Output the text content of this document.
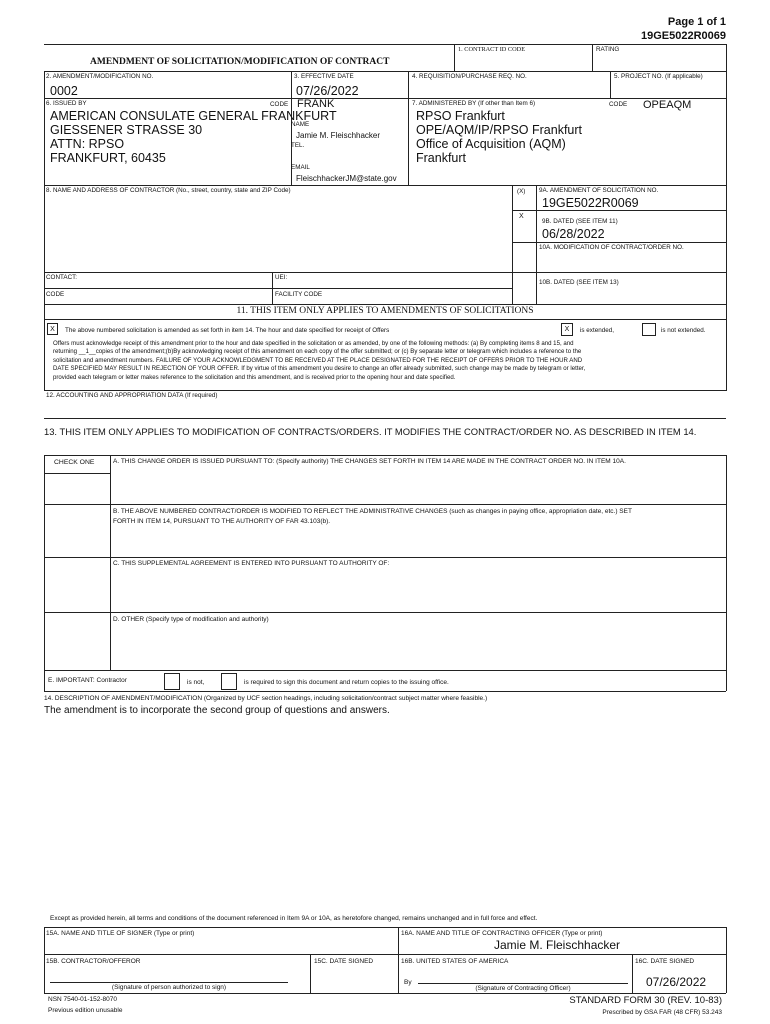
Page 1 of 1
19GE5022R0069
1. CONTRACT ID CODE	RATING
AMENDMENT OF SOLICITATION/MODIFICATION OF CONTRACT
2. AMENDMENT/MODIFICATION NO.
0002
3. EFFECTIVE DATE
07/26/2022
4. REQUISITION/PURCHASE REQ. NO.	5. PROJECT NO. (If applicable)
6. ISSUED BY	CODE FRANK
AMERICAN CONSULATE GENERAL FRANKFURT
GIESSENER STRASSE 30
ATTN: RPSO
FRANKFURT, 60435
NAME
Jamie M. Fleischhacker
TEL.
EMAIL
FleischhackerJM@state.gov
7. ADMINISTERED BY (If other than Item 6)	CODE OPEAQM
RPSO Frankfurt
OPE/AQM/IP/RPSO Frankfurt
Office of Acquisition (AQM)
Frankfurt
8. NAME AND ADDRESS OF CONTRACTOR (No., street, country, state and ZIP Code)	(X) 9A. AMENDMENT OF SOLICITATION NO.
19GE5022R0069
X
9B. DATED (SEE ITEM 11)
06/28/2022
10A. MODIFICATION OF CONTRACT/ORDER NO.
CONTACT:	UEI:
10B. DATED (SEE ITEM 13)
CODE	FACILITY CODE
11. THIS ITEM ONLY APPLIES TO AMENDMENTS OF SOLICITATIONS
X	The above numbered solicitation is amended as set forth in item 14. The hour and date specified for receipt of Offers	X	is extended,	is not extended.
Offers must acknowledge receipt of this amendment prior to the hour and date specified in the solicitation or as amended, by one of the following methods: (a) By completing items 8 and 15, and
returning __1__copies of the amendment;(b)By acknowledging receipt of this amendment on each copy of the offer submitted; or (c) By separate letter or telegram which includes a reference to the
solicitation and amendment numbers. FAILURE OF YOUR ACKNOWLEDGMENT TO BE RECEIVED AT THE PLACE DESIGNATED FOR THE RECEIPT OF OFFERS PRIOR TO THE HOUR AND
DATE SPECIFIED MAY RESULT IN REJECTION OF YOUR OFFER. If by virtue of this amendment you desire to change an offer already submitted, such change may be made by telegram or letter,
provided each telegram or letter makes reference to the solicitation and this amendment, and is received prior to the opening hour and date specified.
12. ACCOUNTING AND APPROPRIATION DATA (If required)
13. THIS ITEM ONLY APPLIES TO MODIFICATION OF CONTRACTS/ORDERS. IT MODIFIES THE CONTRACT/ORDER NO. AS DESCRIBED IN ITEM 14.
CHECK ONE	A. THIS CHANGE ORDER IS ISSUED PURSUANT TO: (Specify authority) THE CHANGES SET FORTH IN ITEM 14 ARE MADE IN THE CONTRACT ORDER NO. IN ITEM 10A.
B. THE ABOVE NUMBERED CONTRACT/ORDER IS MODIFIED TO REFLECT THE ADMINISTRATIVE CHANGES (such as changes in paying office, appropriation date, etc.) SET
FORTH IN ITEM 14, PURSUANT TO THE AUTHORITY OF FAR 43.103(b).
C. THIS SUPPLEMENTAL AGREEMENT IS ENTERED INTO PURSUANT TO AUTHORITY OF:
D. OTHER (Specify type of modification and authority)
E. IMPORTANT: Contractor	is not,	is required to sign this document and return copies to the issuing office.
14. DESCRIPTION OF AMENDMENT/MODIFICATION (Organized by UCF section headings, including solicitation/contract subject matter where feasible.)
The amendment is to incorporate the second group of questions and answers.
Except as provided herein, all terms and conditions of the document referenced in Item 9A or 10A, as heretofore changed, remains unchanged and in full force and effect.
15A. NAME AND TITLE OF SIGNER (Type or print)	16A. NAME AND TITLE OF CONTRACTING OFFICER (Type or print)
Jamie M. Fleischhacker
15B. CONTRACTOR/OFFEROR	15C. DATE SIGNED	16B. UNITED STATES OF AMERICA	16C. DATE SIGNED
By
(Signature of person authorized to sign)	(Signature of Contracting Officer)	07/26/2022
NSN 7540-01-152-8070
Previous edition unusable
STANDARD FORM 30 (REV. 10-83)
Prescribed by GSA FAR (48 CFR) 53.243
